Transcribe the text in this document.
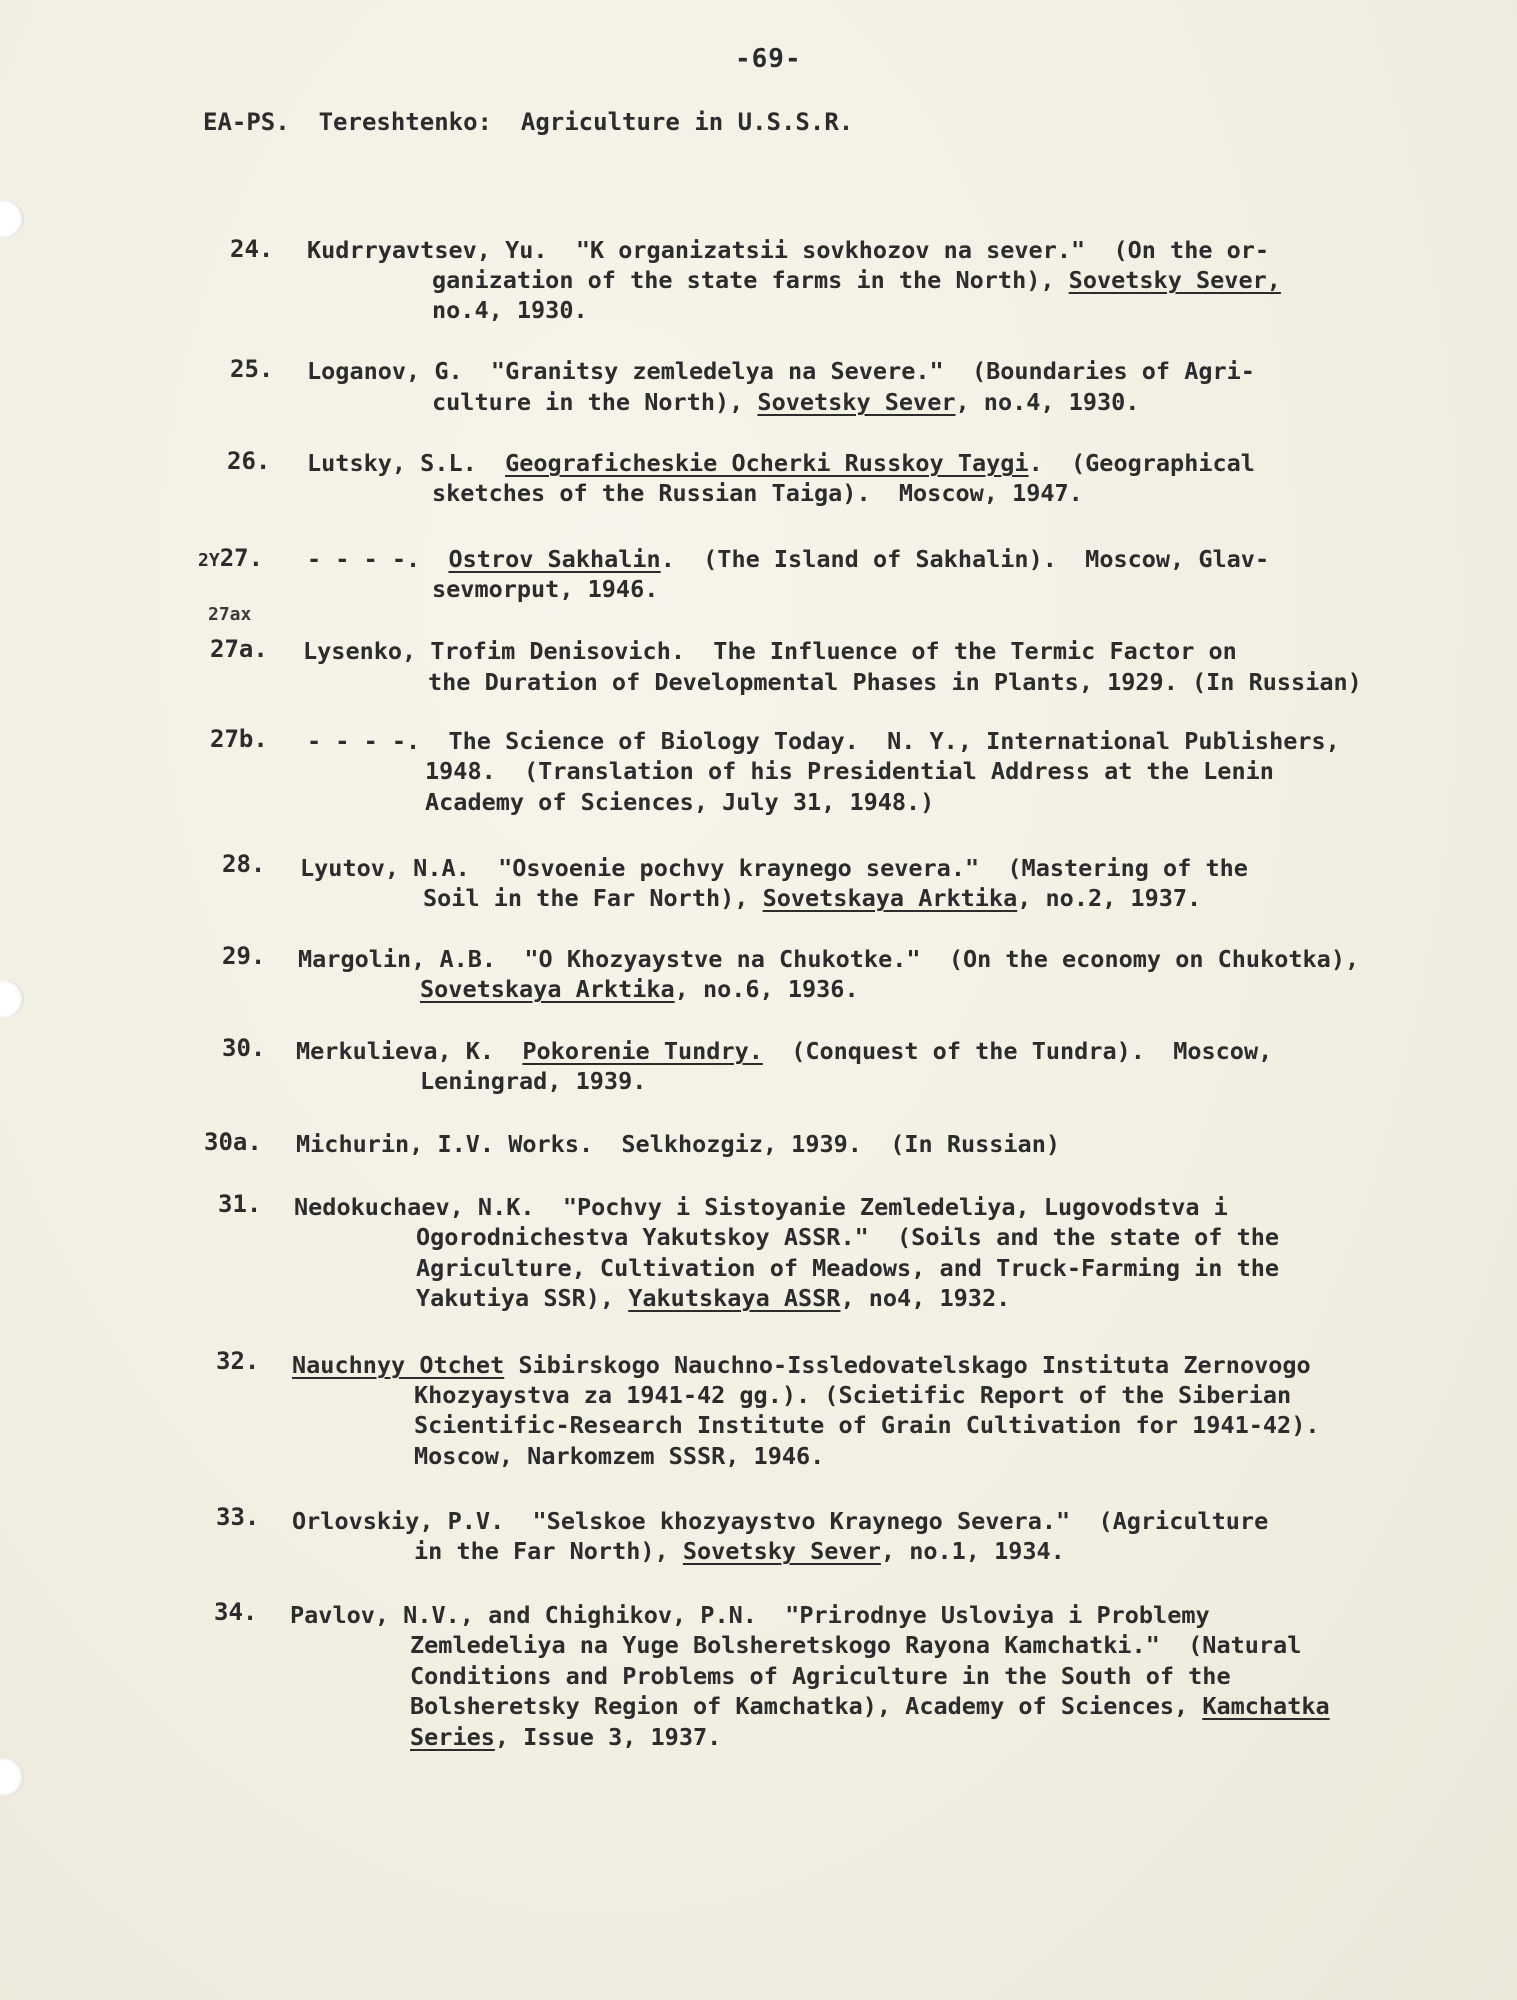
-69-
EA-PS.  Tereshtenko:  Agriculture in U.S.S.R.
24. Kudrryavtsev, Yu.  "K organizatsii sovkhozov na sever."  (On the or-
ganization of the state farms in the North), Sovetsky Sever,
no.4, 1930.
25. Loganov, G.  "Granitsy zemledelya na Severe."  (Boundaries of Agri-
culture in the North), Sovetsky Sever, no.4, 1930.
26. Lutsky, S.L.  Geograficheskie Ocherki Russkoy Taygi.  (Geographical
sketches of the Russian Taiga).  Moscow, 1947.
2Y27. - - - -.  Ostrov Sakhalin.  (The Island of Sakhalin).  Moscow, Glav-
sevmorput, 1946.
27ax
27a. Lysenko, Trofim Denisovich.  The Influence of the Termic Factor on
the Duration of Developmental Phases in Plants, 1929. (In Russian)
27b. - - - -.  The Science of Biology Today.  N. Y., International Publishers,
1948.  (Translation of his Presidential Address at the Lenin
Academy of Sciences, July 31, 1948.)
28. Lyutov, N.A.  "Osvoenie pochvy kraynego severa."  (Mastering of the
Soil in the Far North), Sovetskaya Arktika, no.2, 1937.
29. Margolin, A.B.  "O Khozyaystve na Chukotke."  (On the economy on Chukotka),
Sovetskaya Arktika, no.6, 1936.
30. Merkulieva, K.  Pokorenie Tundry.  (Conquest of the Tundra).  Moscow,
Leningrad, 1939.
30a. Michurin, I.V. Works.  Selkhozgiz, 1939.  (In Russian)
31. Nedokuchaev, N.K.  "Pochvy i Sistoyanie Zemledeliya, Lugovodstva i
Ogorodnichestva Yakutskoy ASSR."  (Soils and the state of the
Agriculture, Cultivation of Meadows, and Truck-Farming in the
Yakutiya SSR), Yakutskaya ASSR, no4, 1932.
32. Nauchnyy Otchet Sibirskogo Nauchno-Issledovatelskago Instituta Zernovogo
Khozyaystva za 1941-42 gg.). (Scietific Report of the Siberian
Scientific-Research Institute of Grain Cultivation for 1941-42).
Moscow, Narkomzem SSSR, 1946.
33. Orlovskiy, P.V.  "Selskoe khozyaystvo Kraynego Severa."  (Agriculture
in the Far North), Sovetsky Sever, no.1, 1934.
34. Pavlov, N.V., and Chighikov, P.N.  "Prirodnye Usloviya i Problemy
Zemledeliya na Yuge Bolsheretskogo Rayona Kamchatki."  (Natural
Conditions and Problems of Agriculture in the South of the
Bolsheretsky Region of Kamchatka), Academy of Sciences, Kamchatka
Series, Issue 3, 1937.
